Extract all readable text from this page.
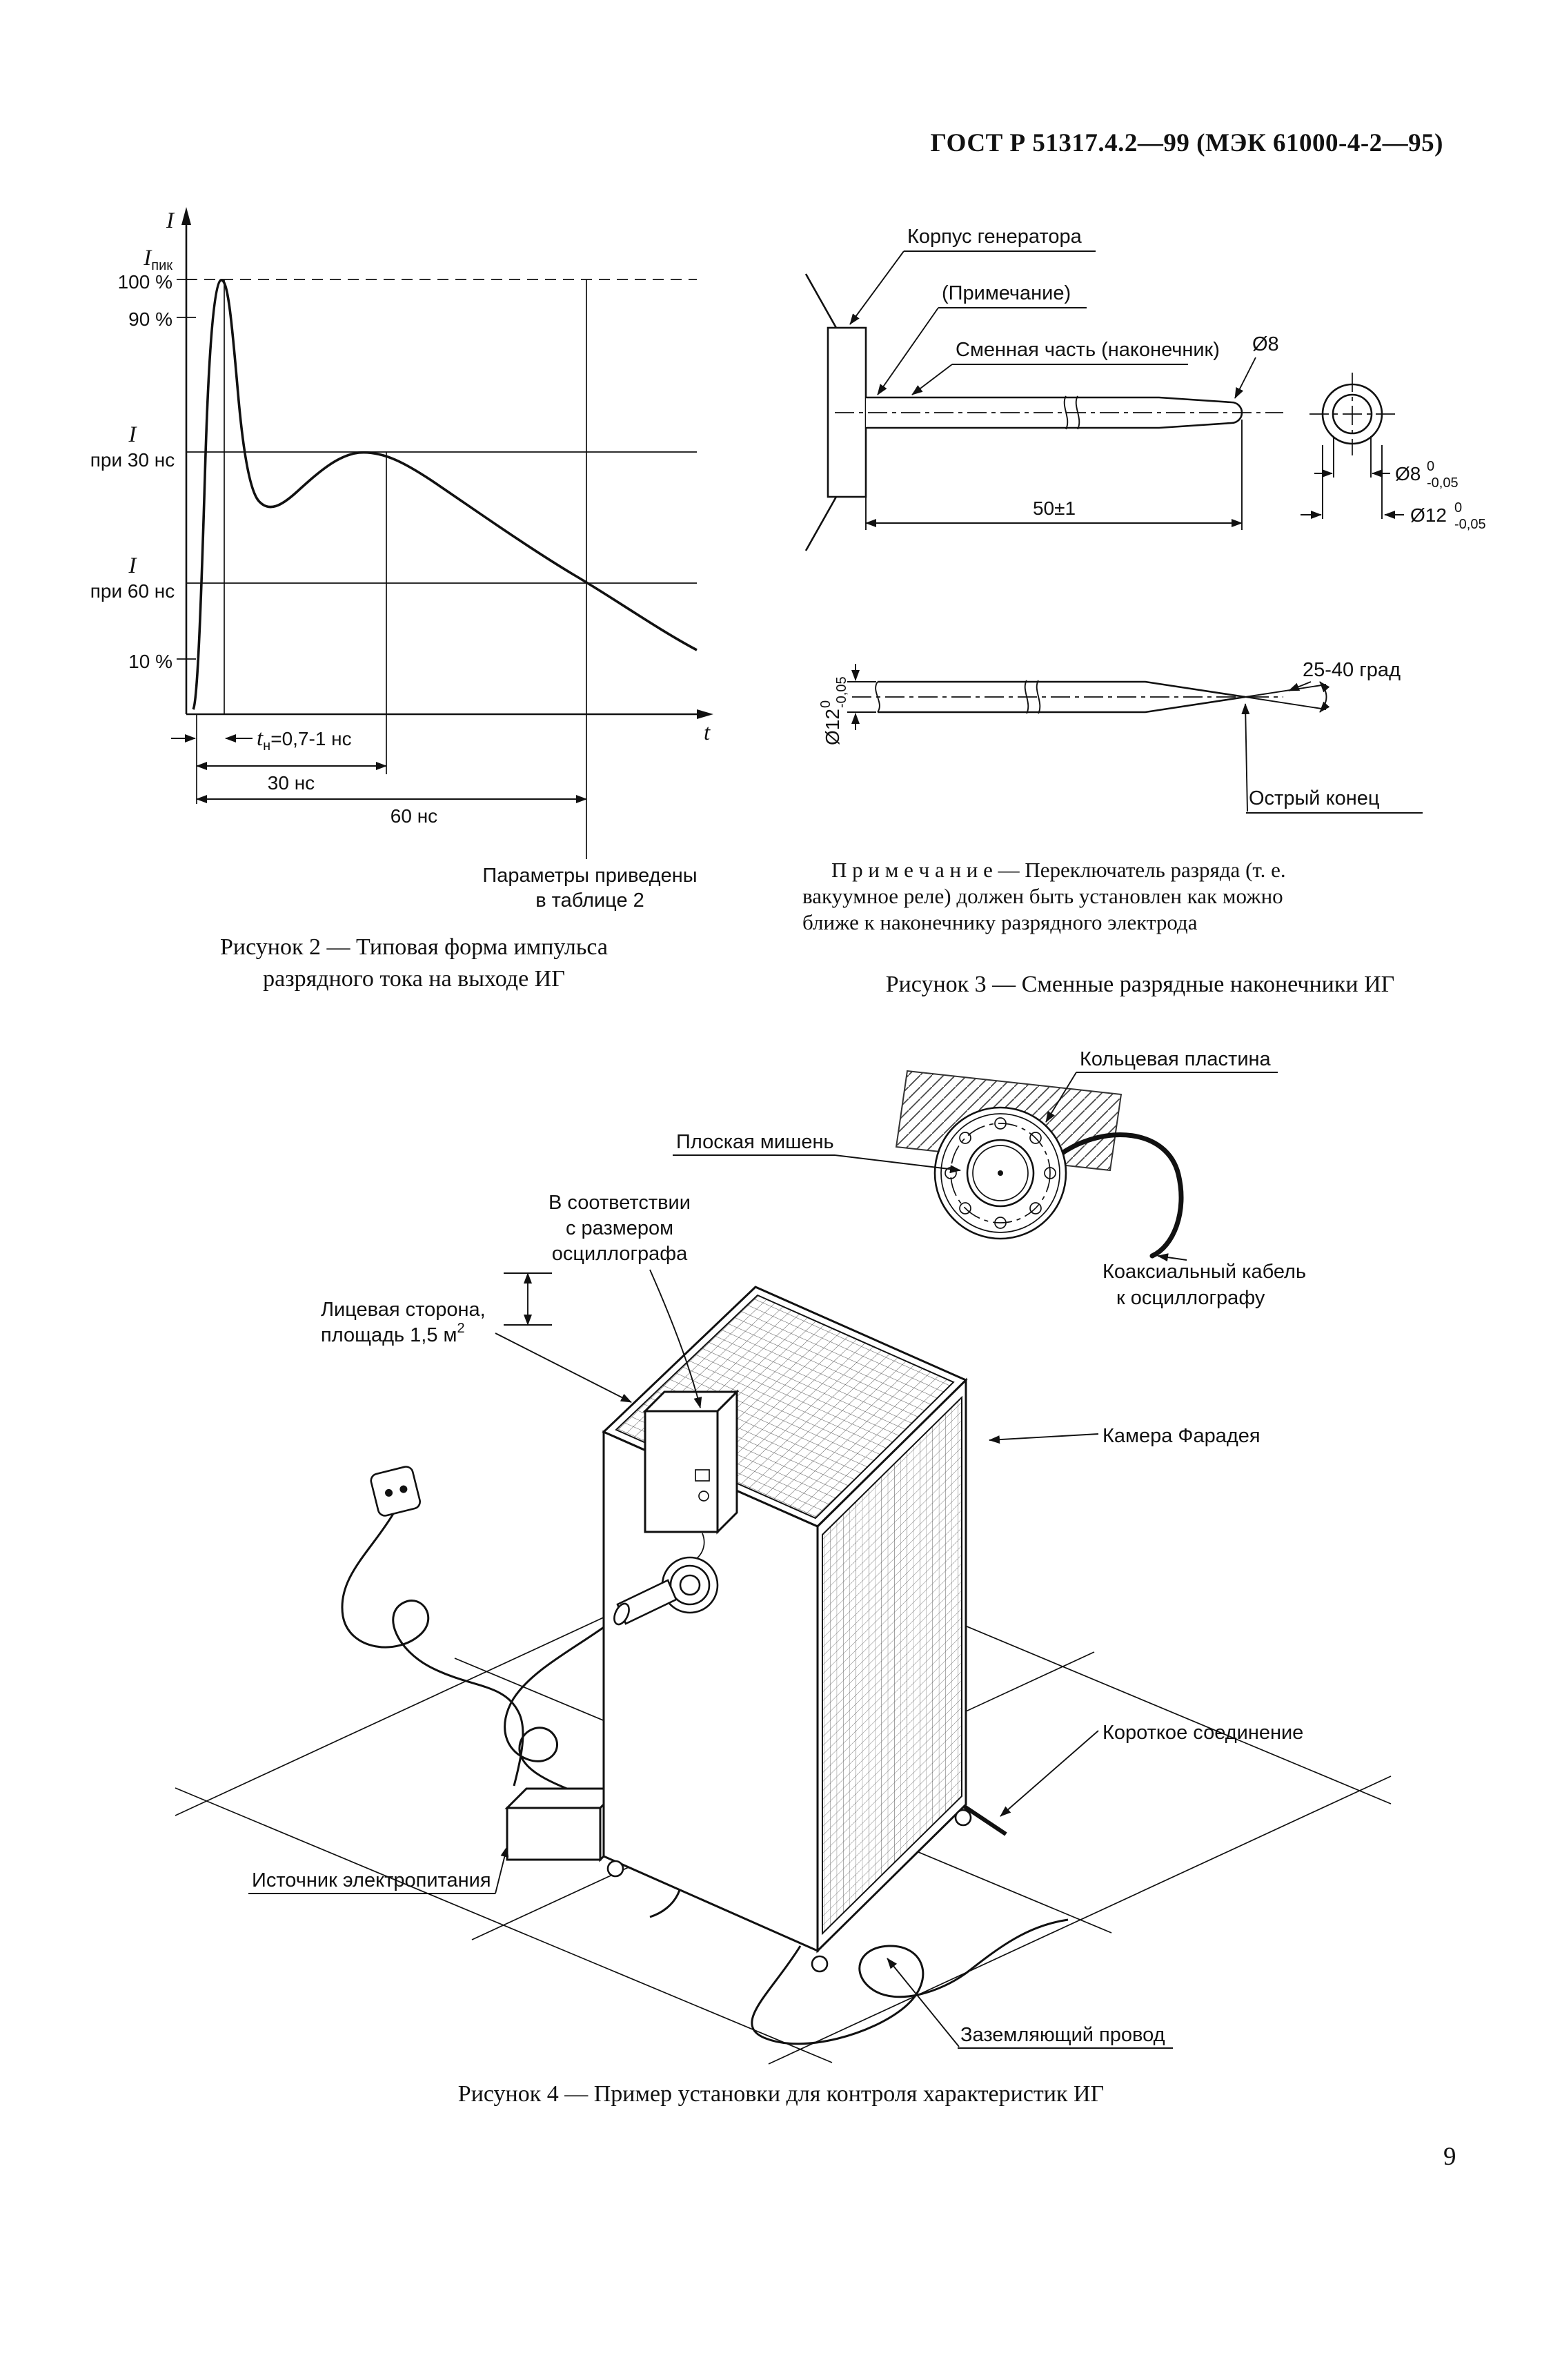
ГОСТ Р 51317.4.2—99 (МЭК 61000-4-2—95)
I
$I_{пик}$
100 %
90 %
I
при 30 нс
I
при 60 нс
10 %
t
$t_н=0,7-1$ нс
30 нс
60 нс
Параметры приведены
в таблице 2
Рисунок 2 — Типовая форма импульса
разрядного тока на выходе ИГ
Корпус генератора
(Примечание)
Сменная часть (наконечник) Ø8
50±1
Ø8 0
-0,05
Ø12 0
-0,05
Ø12
0 -0,05
25-40 град
Острый конец
П р и м е ч а н и е — Переключатель разряда (т. е.
вакуумное реле) должен быть установлен как можно
ближе к наконечнику разрядного электрода
Рисунок 3 — Сменные разрядные наконечники ИГ
Кольцевая пластина
Плоская мишень
В соответствии
с размером
осциллографа
Лицевая сторона,
площадь 1,5 $м^2$
Коаксиальный кабель
к осциллографу
Камера Фарадея
Короткое соединение
Источник электропитания
Заземляющий провод
Рисунок 4 — Пример установки для контроля характеристик ИГ
9
